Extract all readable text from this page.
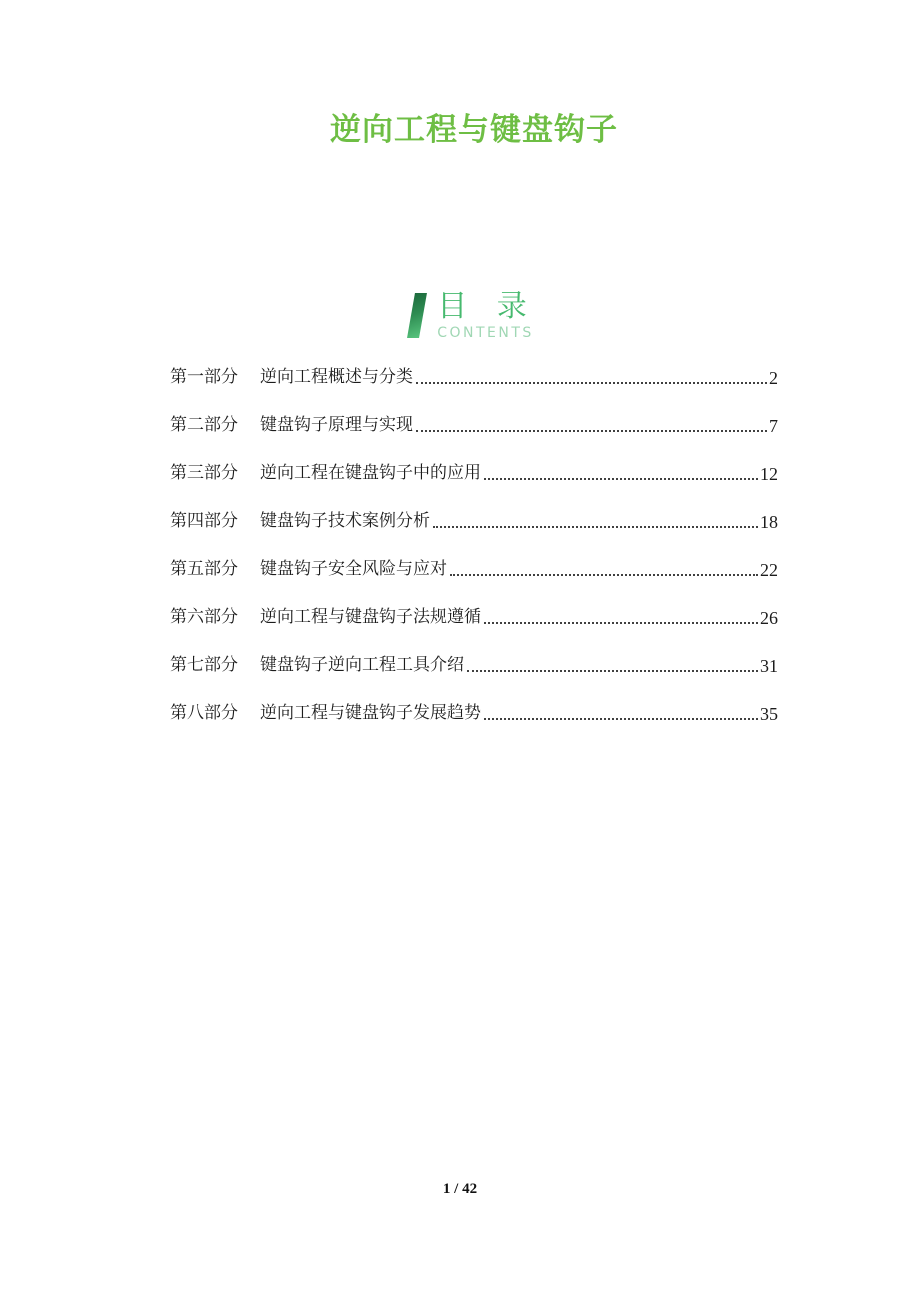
逆向工程与键盘钩子
目 录
CONTENTS
第一部分 逆向工程概述与分类	2
第二部分 键盘钩子原理与实现	7
第三部分 逆向工程在键盘钩子中的应用	12
第四部分 键盘钩子技术案例分析	18
第五部分 键盘钩子安全风险与应对	22
第六部分 逆向工程与键盘钩子法规遵循	26
第七部分 键盘钩子逆向工程工具介绍	31
第八部分 逆向工程与键盘钩子发展趋势	35
1 / 42
